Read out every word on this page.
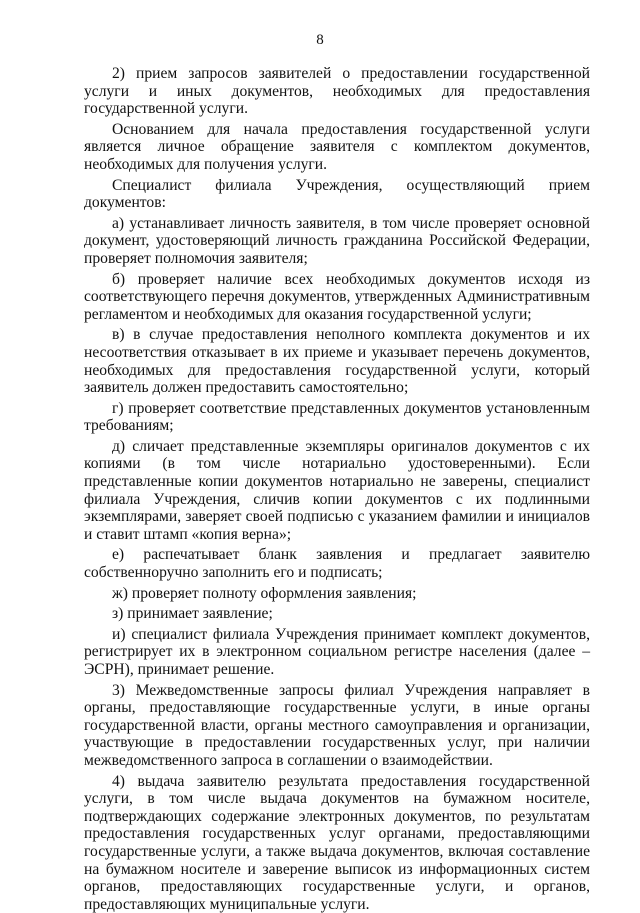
8

2) прием запросов заявителей о предоставлении государственной услуги и иных документов, необходимых для предоставления государственной услуги.

Основанием для начала предоставления государственной услуги является личное обращение заявителя с комплектом документов, необходимых для получения услуги.

Специалист филиала Учреждения, осуществляющий прием документов:

а) устанавливает личность заявителя, в том числе проверяет основной документ, удостоверяющий личность гражданина Российской Федерации, проверяет полномочия заявителя;

б) проверяет наличие всех необходимых документов исходя из соответствующего перечня документов, утвержденных Административным регламентом и необходимых для оказания государственной услуги;

в) в случае предоставления неполного комплекта документов и их несоответствия отказывает в их приеме и указывает перечень документов, необходимых для предоставления государственной услуги, который заявитель должен предоставить самостоятельно;

г) проверяет соответствие представленных документов установленным требованиям;

д) сличает представленные экземпляры оригиналов документов с их копиями (в том числе нотариально удостоверенными). Если представленные копии документов нотариально не заверены, специалист филиала Учреждения, сличив копии документов с их подлинными экземплярами, заверяет своей подписью с указанием фамилии и инициалов и ставит штамп «копия верна»;

е) распечатывает бланк заявления и предлагает заявителю собственноручно заполнить его и подписать;

ж) проверяет полноту оформления заявления;

з) принимает заявление;

и) специалист филиала Учреждения принимает комплект документов, регистрирует их в электронном социальном регистре населения (далее – ЭСРН), принимает решение.

3) Межведомственные запросы филиал Учреждения направляет в органы, предоставляющие государственные услуги, в иные органы государственной власти, органы местного самоуправления и организации, участвующие в предоставлении государственных услуг, при наличии межведомственного запроса в соглашении о взаимодействии.

4) выдача заявителю результата предоставления государственной услуги, в том числе выдача документов на бумажном носителе, подтверждающих содержание электронных документов, по результатам предоставления государственных услуг органами, предоставляющими государственные услуги, а также выдача документов, включая составление на бумажном носителе и заверение выписок из информационных систем органов, предоставляющих государственные услуги, и органов, предоставляющих муниципальные услуги.
